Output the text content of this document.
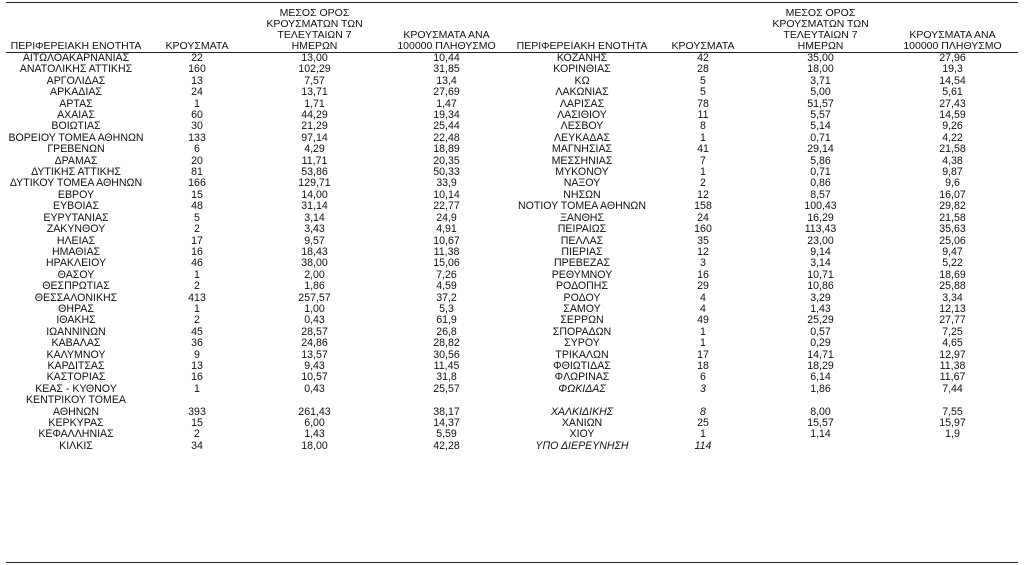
ΠΕΡΙΦΕΡΕΙΑΚΗ ΕΝΟΤΗΤΑ	ΚΡΟΥΣΜΑΤΑ	ΜΕΣΟΣ ΟΡΟΣ ΚΡΟΥΣΜΑΤΩΝ ΤΩΝ ΤΕΛΕΥΤΑΙΩΝ 7 ΗΜΕΡΩΝ	ΚΡΟΥΣΜΑΤΑ ΑΝΑ 100000 ΠΛΗΘΥΣΜΟ	ΠΕΡΙΦΕΡΕΙΑΚΗ ΕΝΟΤΗΤΑ	ΚΡΟΥΣΜΑΤΑ	ΜΕΣΟΣ ΟΡΟΣ ΚΡΟΥΣΜΑΤΩΝ ΤΩΝ ΤΕΛΕΥΤΑΙΩΝ 7 ΗΜΕΡΩΝ	ΚΡΟΥΣΜΑΤΑ ΑΝΑ 100000 ΠΛΗΘΥΣΜΟ
ΑΙΤΩΛΟΑΚΑΡΝΑΝΙΑΣ	22	13,00	10,44	ΚΟΖΑΝΗΣ	42	35,00	27,96
ΑΝΑΤΟΛΙΚΗΣ ΑΤΤΙΚΗΣ	160	102,29	31,85	ΚΟΡΙΝΘΙΑΣ	28	18,00	19,3
ΑΡΓΟΛΙΔΑΣ	13	7,57	13,4	ΚΩ	5	3,71	14,54
ΑΡΚΑΔΙΑΣ	24	13,71	27,69	ΛΑΚΩΝΙΑΣ	5	5,00	5,61
ΑΡΤΑΣ	1	1,71	1,47	ΛΑΡΙΣΑΣ	78	51,57	27,43
ΑΧΑΪΑΣ	60	44,29	19,34	ΛΑΣΙΘΙΟΥ	11	5,57	14,59
ΒΟΙΩΤΙΑΣ	30	21,29	25,44	ΛΕΣΒΟΥ	8	5,14	9,26
ΒΟΡΕΙΟΥ ΤΟΜΕΑ ΑΘΗΝΩΝ	133	97,14	22,48	ΛΕΥΚΑΔΑΣ	1	0,71	4,22
ΓΡΕΒΕΝΩΝ	6	4,29	18,89	ΜΑΓΝΗΣΙΑΣ	41	29,14	21,58
ΔΡΑΜΑΣ	20	11,71	20,35	ΜΕΣΣΗΝΙΑΣ	7	5,86	4,38
ΔΥΤΙΚΗΣ ΑΤΤΙΚΗΣ	81	53,86	50,33	ΜΥΚΟΝΟΥ	1	0,71	9,87
ΔΥΤΙΚΟΥ ΤΟΜΕΑ ΑΘΗΝΩΝ	166	129,71	33,9	ΝΑΞΟΥ	2	0,86	9,6
ΕΒΡΟΥ	15	14,00	10,14	ΝΗΣΩΝ	12	8,57	16,07
ΕΥΒΟΙΑΣ	48	31,14	22,77	ΝΟΤΙΟΥ ΤΟΜΕΑ ΑΘΗΝΩΝ	158	100,43	29,82
ΕΥΡΥΤΑΝΙΑΣ	5	3,14	24,9	ΞΑΝΘΗΣ	24	16,29	21,58
ΖΑΚΥΝΘΟΥ	2	3,43	4,91	ΠΕΙΡΑΙΩΣ	160	113,43	35,63
ΗΛΕΙΑΣ	17	9,57	10,67	ΠΕΛΛΑΣ	35	23,00	25,06
ΗΜΑΘΙΑΣ	16	18,43	11,38	ΠΙΕΡΙΑΣ	12	9,14	9,47
ΗΡΑΚΛΕΙΟΥ	46	38,00	15,06	ΠΡΕΒΕΖΑΣ	3	3,14	5,22
ΘΑΣΟΥ	1	2,00	7,26	ΡΕΘΥΜΝΟΥ	16	10,71	18,69
ΘΕΣΠΡΩΤΙΑΣ	2	1,86	4,59	ΡΟΔΟΠΗΣ	29	10,86	25,88
ΘΕΣΣΑΛΟΝΙΚΗΣ	413	257,57	37,2	ΡΟΔΟΥ	4	3,29	3,34
ΘΗΡΑΣ	1	1,00	5,3	ΣΑΜΟΥ	4	1,43	12,13
ΙΘΑΚΗΣ	2	0,43	61,9	ΣΕΡΡΩΝ	49	25,29	27,77
ΙΩΑΝΝΙΝΩΝ	45	28,57	26,8	ΣΠΟΡΑΔΩΝ	1	0,57	7,25
ΚΑΒΑΛΑΣ	36	24,86	28,82	ΣΥΡΟΥ	1	0,29	4,65
ΚΑΛΥΜΝΟΥ	9	13,57	30,56	ΤΡΙΚΑΛΩΝ	17	14,71	12,97
ΚΑΡΔΙΤΣΑΣ	13	9,43	11,45	ΦΘΙΩΤΙΔΑΣ	18	18,29	11,38
ΚΑΣΤΟΡΙΑΣ	16	10,57	31,8	ΦΛΩΡΙΝΑΣ	6	6,14	11,67
ΚΕΑΣ - ΚΥΘΝΟΥ	1	0,43	25,57	ΦΩΚΙΔΑΣ	3	1,86	7,44
ΚΕΝΤΡΙΚΟΥ ΤΟΜΕΑ ΑΘΗΝΩΝ	393	261,43	38,17	ΧΑΛΚΙΔΙΚΗΣ	8	8,00	7,55
ΚΕΡΚΥΡΑΣ	15	6,00	14,37	ΧΑΝΙΩΝ	25	15,57	15,97
ΚΕΦΑΛΛΗΝΙΑΣ	2	1,43	5,59	ΧΙΟΥ	1	1,14	1,9
ΚΙΛΚΙΣ	34	18,00	42,28	ΥΠΟ ΔΙΕΡΕΥΝΗΣΗ	114		
